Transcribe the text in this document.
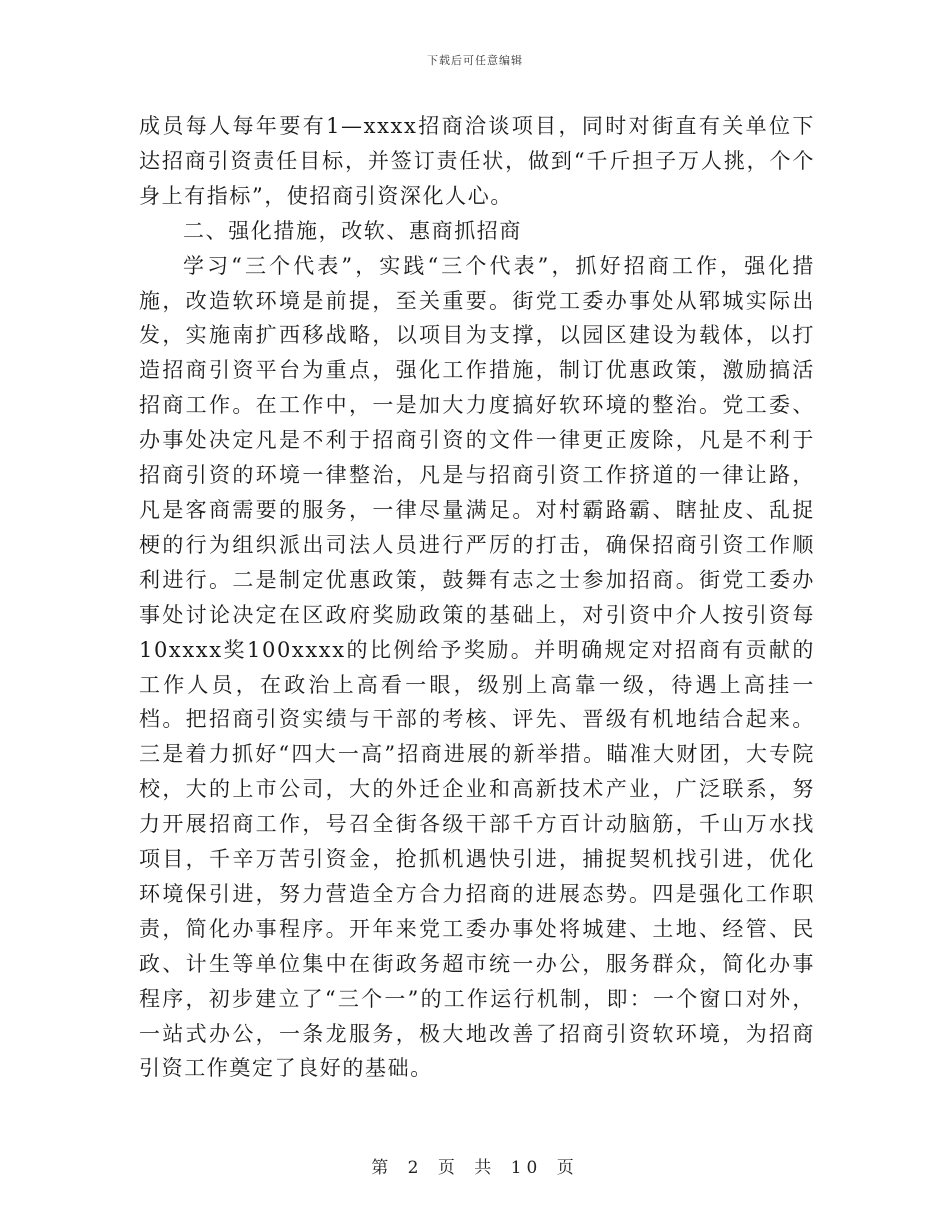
下载后可任意编辑

成员每人每年要有1—xxxx招商洽谈项目，同时对街直有关单位下达招商引资责任目标，并签订责任状，做到“千斤担子万人挑，个个身上有指标”，使招商引资深化人心。

二、强化措施，改软、惠商抓招商

学习“三个代表”，实践“三个代表”，抓好招商工作，强化措施，改造软环境是前提，至关重要。街党工委办事处从郓城实际出发，实施南扩西移战略，以项目为支撑，以园区建设为载体，以打造招商引资平台为重点，强化工作措施，制订优惠政策，激励搞活招商工作。在工作中，一是加大力度搞好软环境的整治。党工委、办事处决定凡是不利于招商引资的文件一律更正废除，凡是不利于招商引资的环境一律整治，凡是与招商引资工作挤道的一律让路，凡是客商需要的服务，一律尽量满足。对村霸路霸、瞎扯皮、乱捉梗的行为组织派出司法人员进行严厉的打击，确保招商引资工作顺利进行。二是制定优惠政策，鼓舞有志之士参加招商。街党工委办事处讨论决定在区政府奖励政策的基础上，对引资中介人按引资每10xxxx奖100xxxx的比例给予奖励。并明确规定对招商有贡献的工作人员，在政治上高看一眼，级别上高靠一级，待遇上高挂一档。把招商引资实绩与干部的考核、评先、晋级有机地结合起来。三是着力抓好“四大一高”招商进展的新举措。瞄准大财团，大专院校，大的上市公司，大的外迁企业和高新技术产业，广泛联系，努力开展招商工作，号召全街各级干部千方百计动脑筋，千山万水找项目，千辛万苦引资金，抢抓机遇快引进，捕捉契机找引进，优化环境保引进，努力营造全方合力招商的进展态势。四是强化工作职责，简化办事程序。开年来党工委办事处将城建、土地、经管、民政、计生等单位集中在街政务超市统一办公，服务群众，简化办事程序，初步建立了“三个一”的工作运行机制，即：一个窗口对外，一站式办公，一条龙服务，极大地改善了招商引资软环境，为招商引资工作奠定了良好的基础。

第 2 页 共 10 页
